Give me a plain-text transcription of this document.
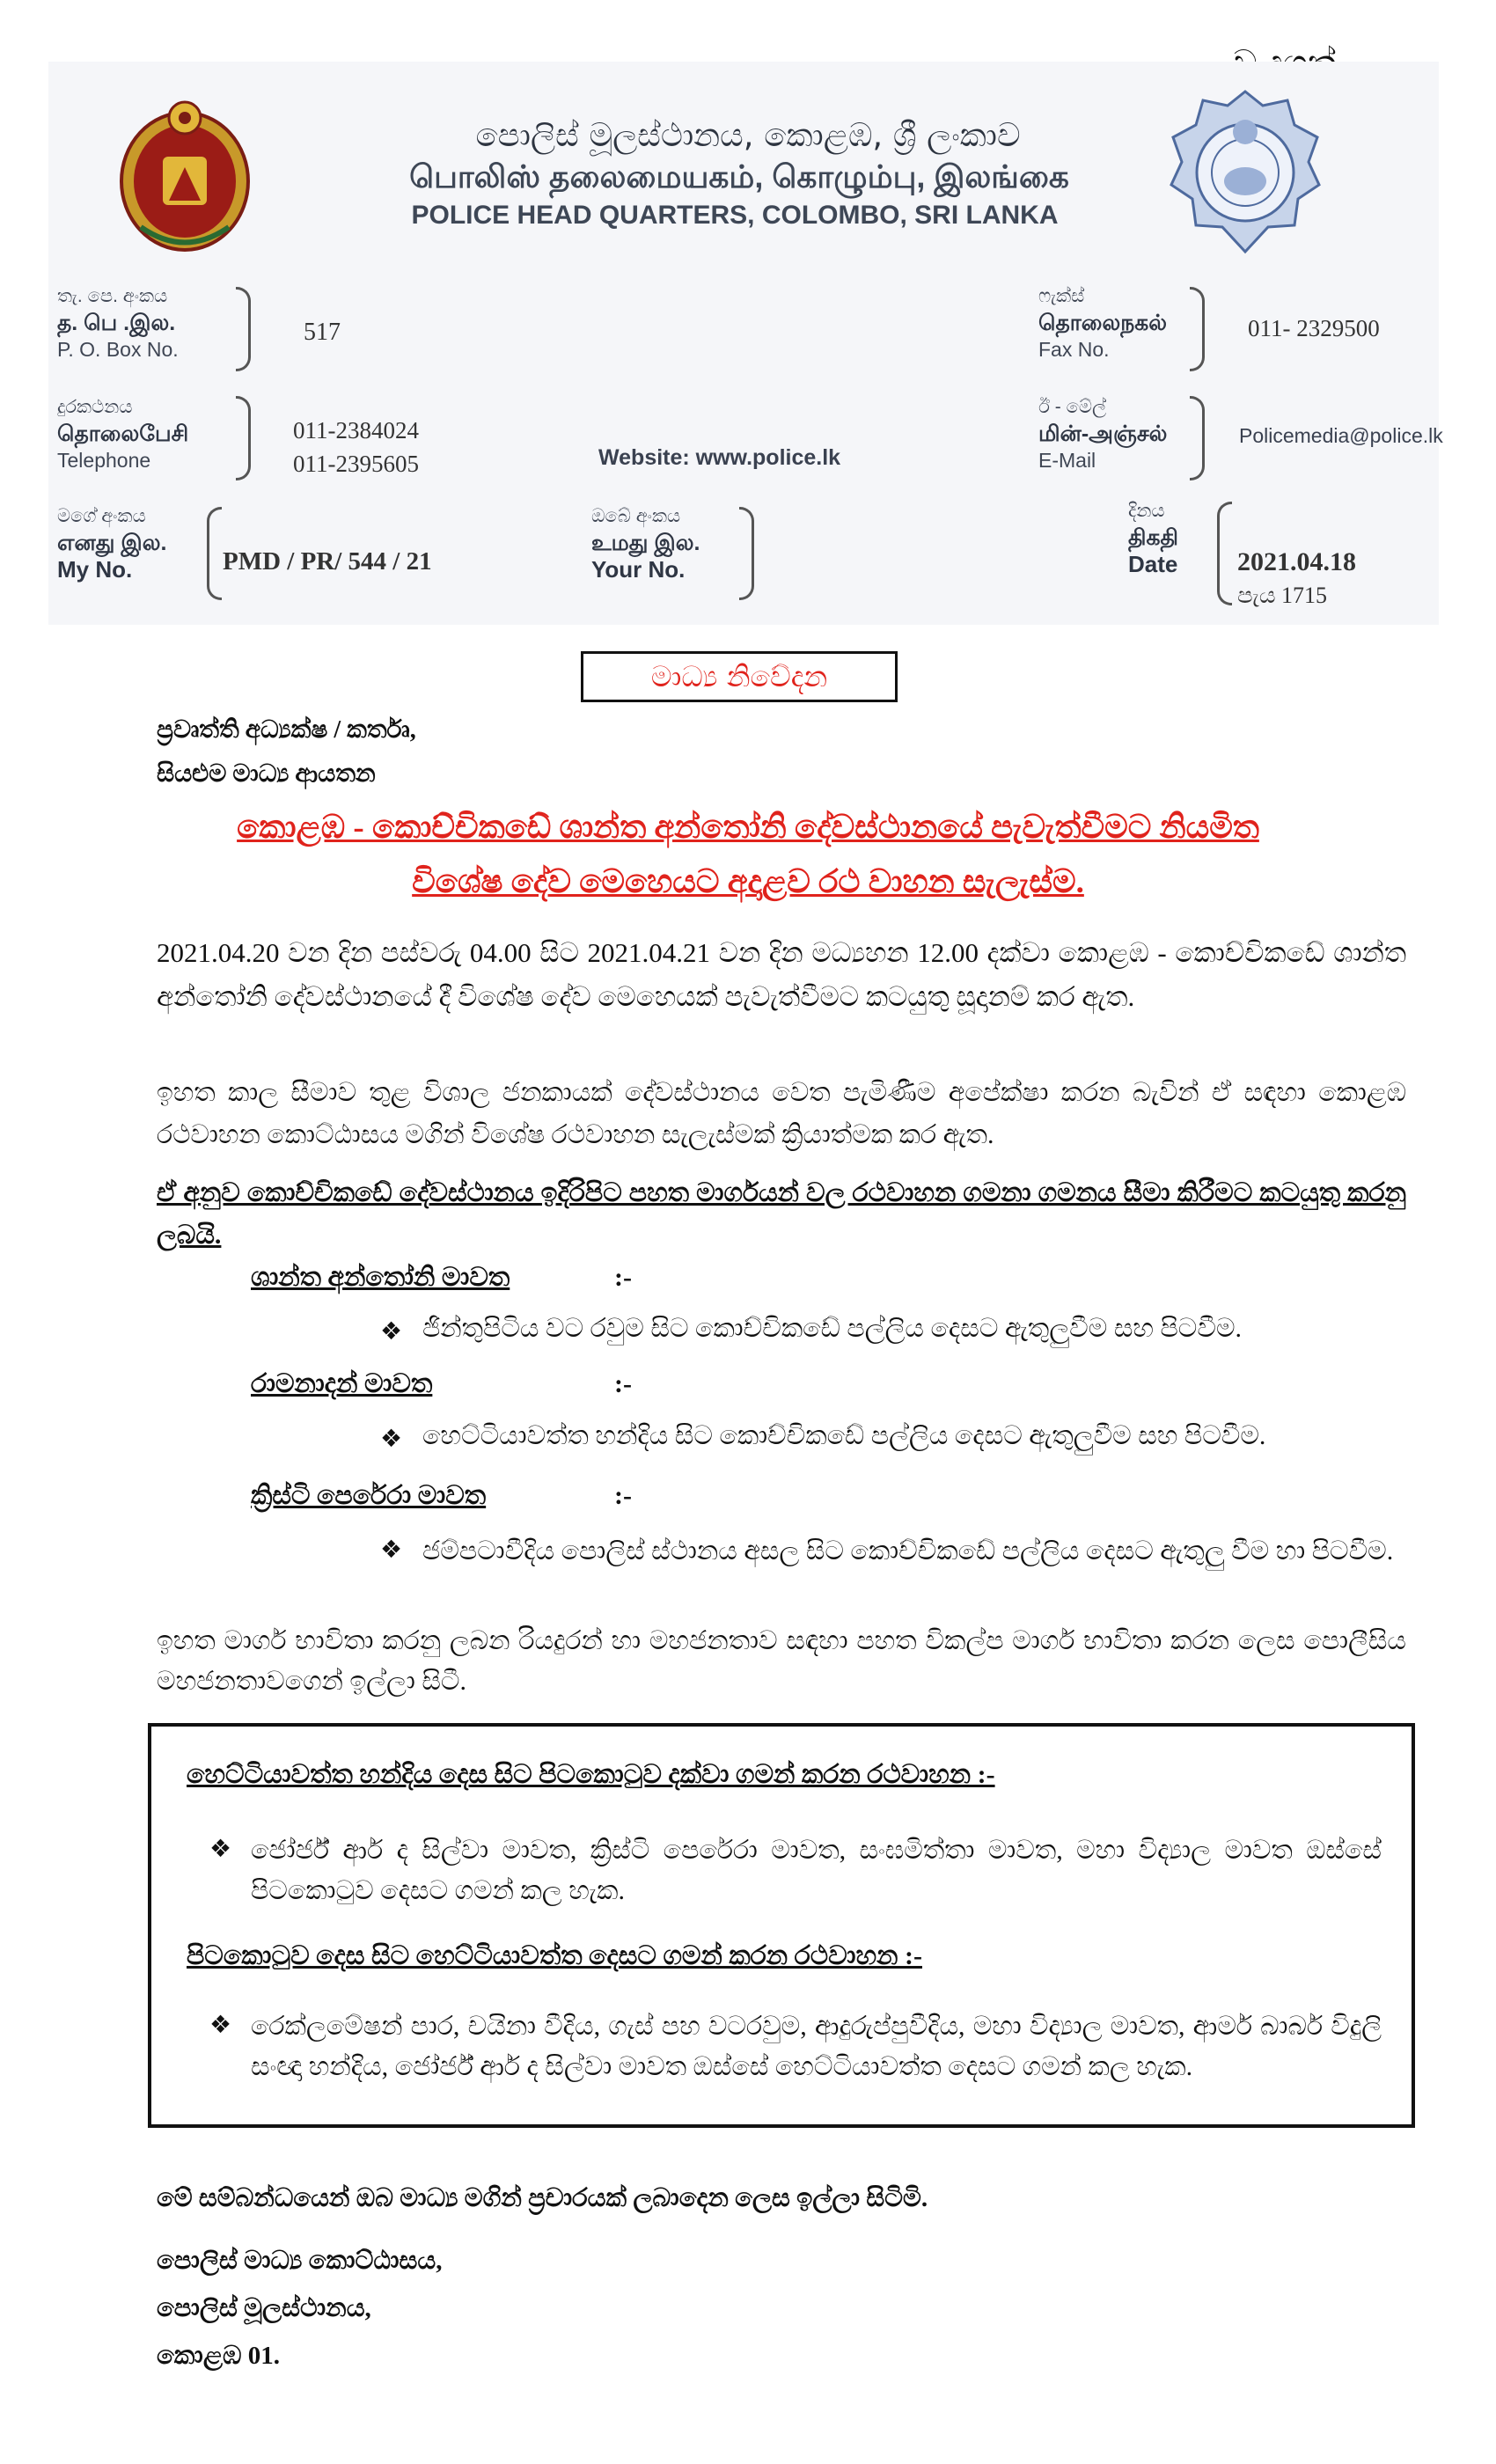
පොලිස් මූලස්ථානය, කොළඹ, ශ්‍රී ලංකාව
பொலிஸ் தலைமையகம், கொழும்பு, இலங்கை
POLICE HEAD QUARTERS, COLOMBO, SRI LANKA
තැ. පෙ. අංකය
த. பெ .இல.
P. O. Box No.
517
ෆැක්ස්
தொலைநகல்
Fax No.
011- 2329500
දුරකථනය
தொலைபேசி
Telephone
011-2384024
011-2395605	Website: www.police.lk
ඊ - මේල්
மின்-அஞ்சல்
E-Mail
Policemedia@police.lk
මගේ අංකය
எனது இல.
My No.	PMD / PR/ 544 / 21
ඔබේ අංකය
உமது இல.
Your No.
දිනය
திகதி
Date 2021.04.18
පැය 1715
මාධ්‍ය නිවේදන
ප්‍රවෘත්ති අධ්‍යක්ෂ / කර්තෘ,
සියළුම මාධ්‍ය ආයතන
කොළඹ - කොච්චිකඩේ ශාන්ත අන්තෝනි දේවස්ථානයේ පැවැත්වීමට නියමිත
විශේෂ දේව මෙහෙයට අදාළව රථ වාහන සැලැස්ම.
2021.04.20 වන දින පස්වරු 04.00 සිට 2021.04.21 වන දින මධ්‍යහන 12.00 දක්වා කොළඹ - කොච්චිකඩේ ශාන්ත අන්තෝනි දේවස්ථානයේ දී විශේෂ දේව මෙහෙයක් පැවැත්වීමට කටයුතු සූදානම් කර ඇත.
ඉහත කාල සීමාව තුළ විශාල ජනකායක් දේවස්ථානය වෙත පැමිණීම අපේක්ෂා කරන බැවින් ඒ සඳහා කොළඹ රථවාහන කොට්ඨාසය මගින් විශේෂ රථවාහන සැලැස්මක් ක්‍රියාත්මක කර ඇත.
ඒ අනුව කොච්චිකඩේ දේවස්ථානය ඉදිරිපිට පහත මාර්ගයන් වල රථවාහන ගමනා ගමනය සීමා කිරීමට කටයුතු කරනු ලබයි.
ශාන්ත අන්තෝනි මාවත	:-
❖ ජින්තුපිටිය වට රවුම සිට කොච්චිකඩේ පල්ලිය දෙසට ඇතුලුවීම සහ පිටවීම.
රාමනාදන් මාවත	:-
❖ හෙට්ටියාවත්ත හන්දිය සිට කොච්චිකඩේ පල්ලිය දෙසට ඇතුලුවීම සහ පිටවීම.
ක්‍රිස්ටි පෙරේරා මාවත	:-
❖ ජම්පටාවීදිය පොලිස් ස්ථානය අසල සිට කොච්චිකඩේ පල්ලිය දෙසට ඇතුලු වීම හා පිටවීම.
ඉහත මාර්ග භාවිතා කරනු ලබන රියදුරන් හා මහජනතාව සඳහා පහත විකල්ප මාර්ග භාවිතා කරන ලෙස පොලීසිය මහජනතාවගෙන් ඉල්ලා සිටී.
හෙට්ටියාවත්ත හන්දිය දෙස සිට පිටකොටුව දක්වා ගමන් කරන රථවාහන :-
❖ ජෝර්ජ් ආර් ද සිල්වා මාවත, ක්‍රිස්ටි පෙරේරා මාවත, සංඝමිත්තා මාවත, මහා විද්‍යාල මාවත ඔස්සේ පිටකොටුව දෙසට ගමන් කල හැක.
පිටකොටුව දෙස සිට හෙට්ටියාවත්ත දෙසට ගමන් කරන රථවාහන :-
❖ රෙක්ලමේෂන් පාර, චයිනා වීදිය, ගැස් පහ වටරවුම, ආදුරුප්පුවීදිය, මහා විද්‍යාල මාවත, ආමර් බාබර් විදුලි සංඥා හන්දිය, ජෝර්ජ් ආර් ද සිල්වා මාවත ඔස්සේ හෙට්ටියාවත්ත දෙසට ගමන් කල හැක.
මේ සම්බන්ධයෙන් ඔබ මාධ්‍ය මගින් ප්‍රචාරයක් ලබාදෙන ලෙස ඉල්ලා සිටිමි.
පොලිස් මාධ්‍ය කොට්ඨාසය,
පොලිස් මූලස්ථානය,
කොළඹ 01.
